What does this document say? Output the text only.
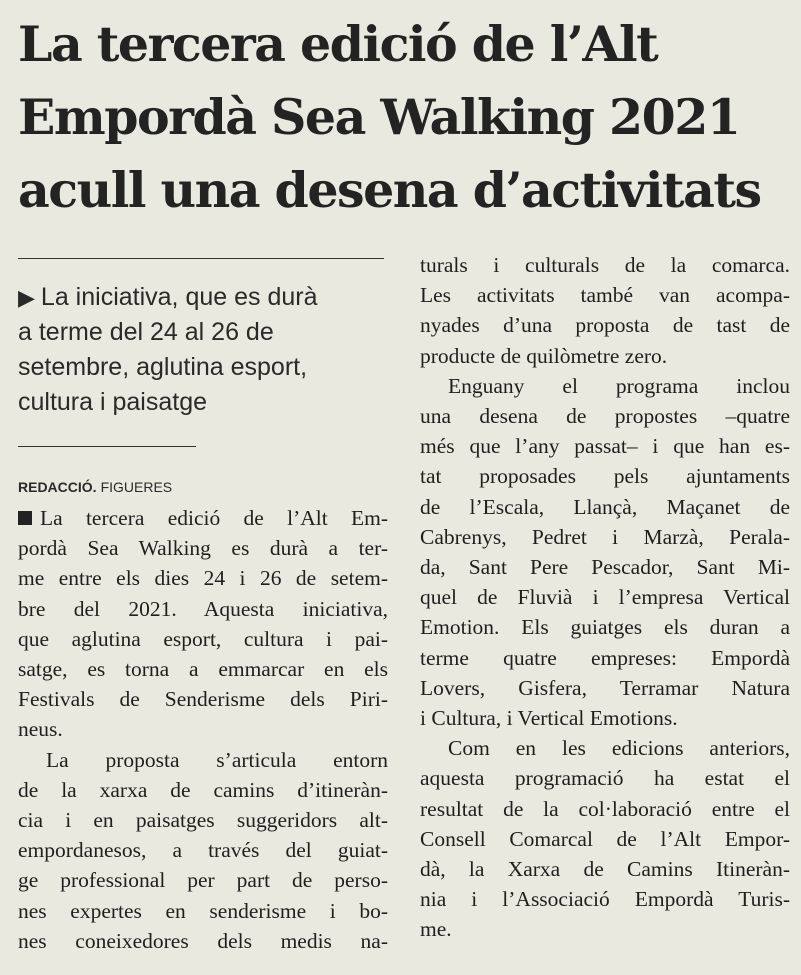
La tercera edició de l’Alt
Empordà Sea Walking 2021
acull una desena d’activitats
▶ La iniciativa, que es durà
a terme del 24 al 26 de
setembre, aglutina esport,
cultura i paisatge
REDACCIÓ. FIGUERES
La tercera edició de l’Alt Em-
pordà Sea Walking es durà a ter-
me entre els dies 24 i 26 de setem-
bre del 2021. Aquesta iniciativa,
que aglutina esport, cultura i pai-
satge, es torna a emmarcar en els
Festivals de Senderisme dels Piri-
neus.
La proposta s’articula entorn
de la xarxa de camins d’itineràn-
cia i en paisatges suggeridors alt-
empordanesos, a través del guiat-
ge professional per part de perso-
nes expertes en senderisme i bo-
nes coneixedores dels medis na-
turals i culturals de la comarca.
Les activitats també van acompa-
nyades d’una proposta de tast de
producte de quilòmetre zero.
Enguany el programa inclou
una desena de propostes –quatre
més que l’any passat– i que han es-
tat proposades pels ajuntaments
de l’Escala, Llançà, Maçanet de
Cabrenys, Pedret i Marzà, Perala-
da, Sant Pere Pescador, Sant Mi-
quel de Fluvià i l’empresa Vertical
Emotion. Els guiatges els duran a
terme quatre empreses: Empordà
Lovers, Gisfera, Terramar Natura
i Cultura, i Vertical Emotions.
Com en les edicions anteriors,
aquesta programació ha estat el
resultat de la col·laboració entre el
Consell Comarcal de l’Alt Empor-
dà, la Xarxa de Camins Itineràn-
nia i l’Associació Empordà Turis-
me.
